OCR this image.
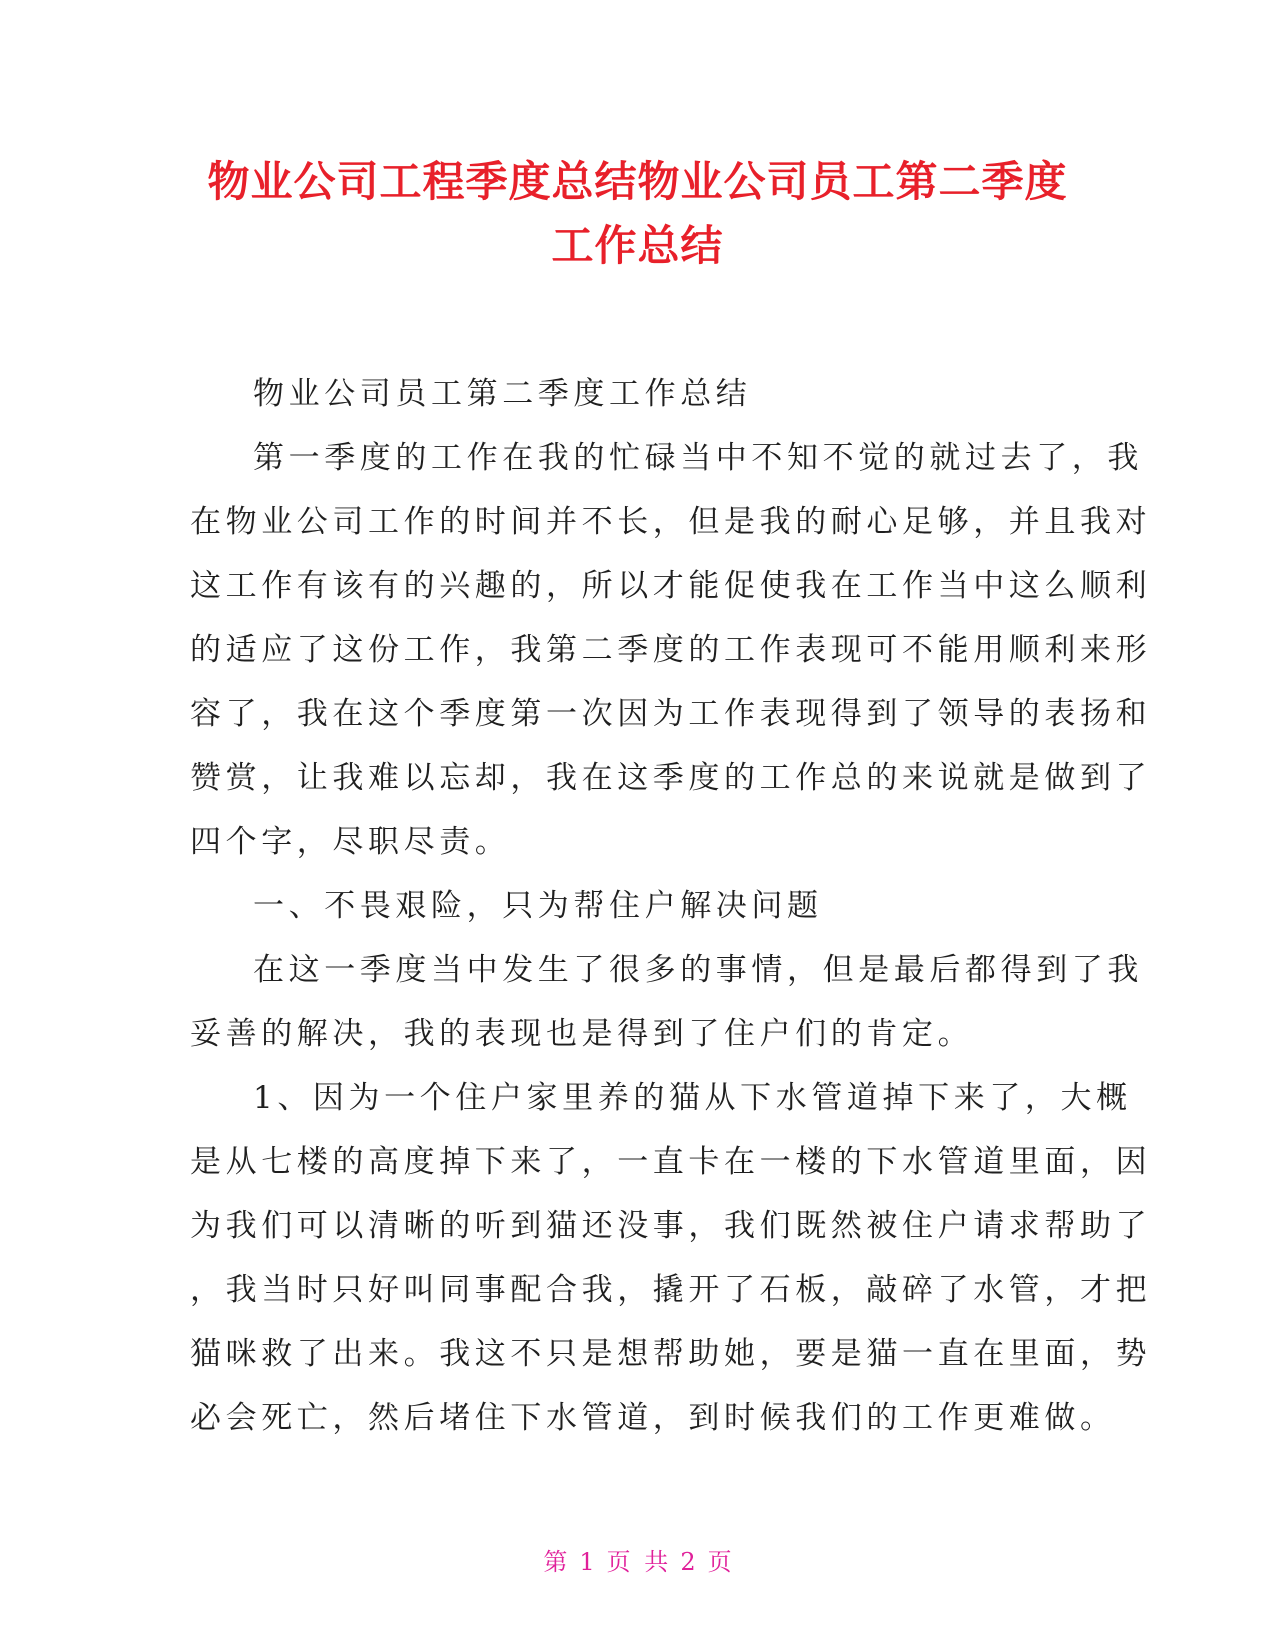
物业公司工程季度总结物业公司员工第二季度
工作总结
物业公司员工第二季度工作总结
第一季度的工作在我的忙碌当中不知不觉的就过去了，我
在物业公司工作的时间并不长，但是我的耐心足够，并且我对
这工作有该有的兴趣的，所以才能促使我在工作当中这么顺利
的适应了这份工作，我第二季度的工作表现可不能用顺利来形
容了，我在这个季度第一次因为工作表现得到了领导的表扬和
赞赏，让我难以忘却，我在这季度的工作总的来说就是做到了
四个字，尽职尽责。
一、不畏艰险，只为帮住户解决问题
在这一季度当中发生了很多的事情，但是最后都得到了我
妥善的解决，我的表现也是得到了住户们的肯定。
1、因为一个住户家里养的猫从下水管道掉下来了，大概
是从七楼的高度掉下来了，一直卡在一楼的下水管道里面，因
为我们可以清晰的听到猫还没事，我们既然被住户请求帮助了
，我当时只好叫同事配合我，撬开了石板，敲碎了水管，才把
猫咪救了出来。我这不只是想帮助她，要是猫一直在里面，势
必会死亡，然后堵住下水管道，到时候我们的工作更难做。
第 1 页 共 2 页
